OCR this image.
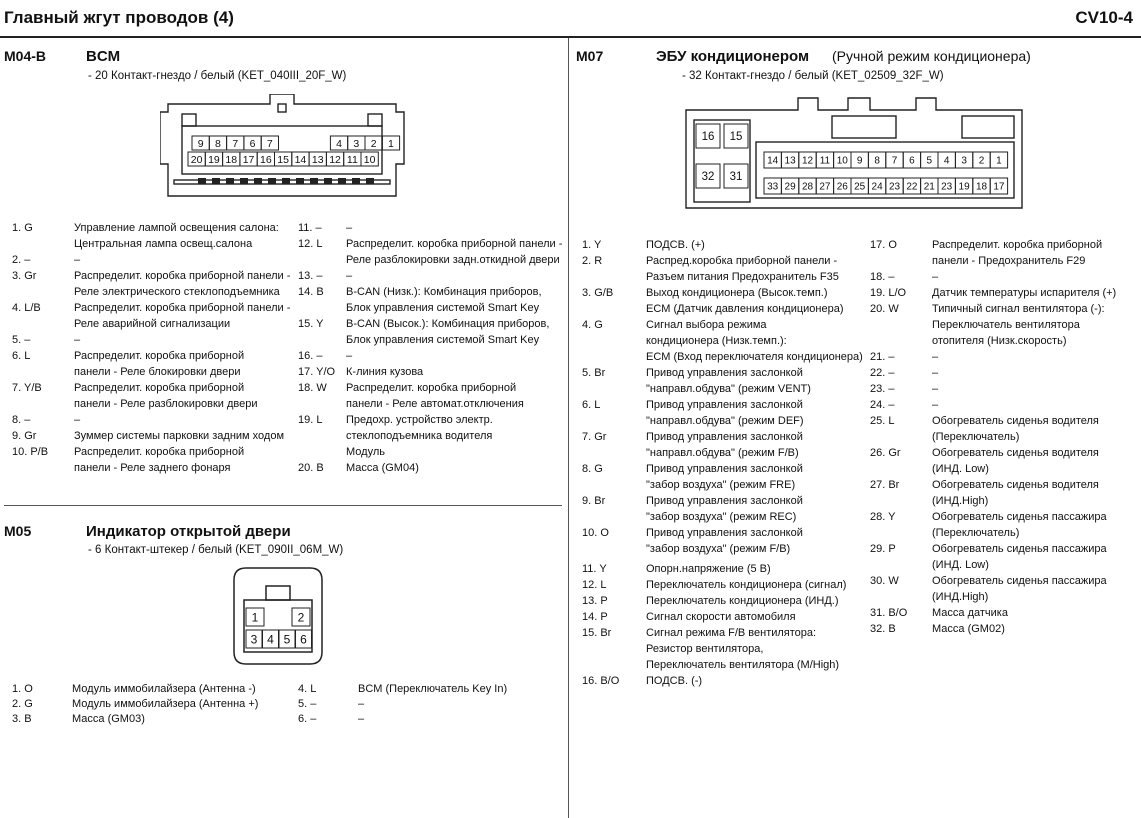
Главный жгут проводов (4)	CV10-4
M04-B	BCM
- 20 Контакт-гнездо / белый (KET_040III_20F_W)
9 8 7 6 7	4 3 2 1
20 19 18 17 16 15 14 13 12 11 10
1. G	Управление лампой освещения салона:
Центральная лампа освещ.салона
2. –	–
3. Gr	Распределит. коробка приборной панели -
Реле электрического стеклоподъемника
4. L/B	Распределит. коробка приборной панели -
Реле аварийной сигнализации
5. –	–
6. L	Распределит. коробка приборной
панели - Реле блокировки двери
7. Y/B	Распределит. коробка приборной
панели - Реле разблокировки двери
8. –	–
9. Gr	Зуммер системы парковки задним ходом
10. P/B Распределит. коробка приборной
панели - Реле заднего фонаря
11. – –
12. L Распределит. коробка приборной панели -
Реле разблокировки задн.откидной двери
13. – –
14. B B-CAN (Низк.): Комбинация приборов,
Блок управления системой Smart Key
15. Y B-CAN (Высок.): Комбинация приборов,
Блок управления системой Smart Key
16. – –
17. Y/O К-линия кузова
18. W Распределит. коробка приборной
панели - Реле автомат.отключения
19. L Предохр. устройство электр.
стеклоподъемника водителя
Модуль
20. B Масса (GM04)
M05	Индикатор открытой двери
- 6 Контакт-штекер / белый (KET_090II_06M_W)
1	2
3 4 5 6
1. O	Модуль иммобилайзера (Антенна -)
2. G	Модуль иммобилайзера (Антенна +)
3. B	Масса (GM03)
4. L	BCM (Переключатель Key In)
5. –	–
6. –	–
M07	ЭБУ кондиционером (Ручной режим кондиционера)
- 32 Контакт-гнездо / белый (KET_02509_32F_W)
16 15
32 31
14 13 12 11 10 9 8 7 6 5 4 3 2 1
33 29 28 27 26 25 24 23 22 21 23 19 18 17
1. Y	ПОДСВ. (+)
2. R	Распред.коробка приборной панели -
Разъем питания Предохранитель F35
3. G/B	Выход кондиционера (Высок.темп.)
ECM (Датчик давления кондиционера)
4. G	Сигнал выбора режима
кондиционера (Низк.темп.):
ECM (Вход переключателя кондиционера)
5. Br	Привод управления заслонкой
"направл.обдува" (режим VENT)
6. L	Привод управления заслонкой
"направл.обдува" (режим DEF)
7. Gr	Привод управления заслонкой
"направл.обдува" (режим F/B)
8. G	Привод управления заслонкой
"забор воздуха" (режим FRE)
9. Br	Привод управления заслонкой
"забор воздуха" (режим REC)
10. O	Привод управления заслонкой
"забор воздуха" (режим F/B)
11. Y	Опорн.напряжение (5 В)
12. L	Переключатель кондиционера (сигнал)
13. P	Переключатель кондиционера (ИНД.)
14. P	Сигнал скорости автомобиля
15. Br	Сигнал режима F/B вентилятора:
Резистор вентилятора,
Переключатель вентилятора (M/High)
16. B/O ПОДСВ. (-)
17. O	Распределит. коробка приборной
панели - Предохранитель F29
18. –	–
19. L/O Датчик температуры испарителя (+)
20. W	Типичный сигнал вентилятора (-):
Переключатель вентилятора
отопителя (Низк.скорость)
21. –	–
22. –	–
23. –	–
24. –	–
25. L	Обогреватель сиденья водителя
(Переключатель)
26. Gr	Обогреватель сиденья водителя
(ИНД. Low)
27. Br	Обогреватель сиденья водителя
(ИНД.High)
28. Y	Обогреватель сиденья пассажира
(Переключатель)
29. P	Обогреватель сиденья пассажира
(ИНД. Low)
30. W	Обогреватель сиденья пассажира
(ИНД.High)
31. B/O Масса датчика
32. B	Масса (GM02)
